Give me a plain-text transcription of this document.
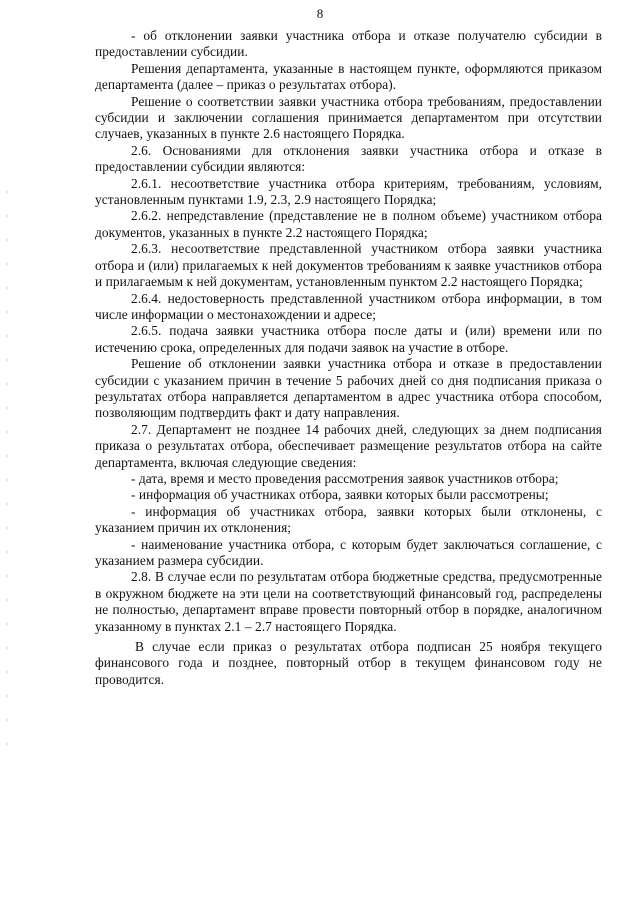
8

- об отклонении заявки участника отбора и отказе получателю субсидии в предоставлении субсидии.

Решения департамента, указанные в настоящем пункте, оформляются приказом департамента (далее – приказ о результатах отбора).

Решение о соответствии заявки участника отбора требованиям, предоставлении субсидии и заключении соглашения принимается департаментом при отсутствии случаев, указанных в пункте 2.6 настоящего Порядка.

2.6. Основаниями для отклонения заявки участника отбора и отказе в предоставлении субсидии являются:

2.6.1. несоответствие участника отбора критериям, требованиям, условиям, установленным пунктами 1.9, 2.3, 2.9 настоящего Порядка;

2.6.2. непредставление (представление не в полном объеме) участником отбора документов, указанных в пункте 2.2 настоящего Порядка;

2.6.3. несоответствие представленной участником отбора заявки участника отбора и (или) прилагаемых к ней документов требованиям к заявке участников отбора и прилагаемым к ней документам, установленным пунктом 2.2 настоящего Порядка;

2.6.4. недостоверность представленной участником отбора информации, в том числе информации о местонахождении и адресе;

2.6.5. подача заявки участника отбора после даты и (или) времени или по истечению срока, определенных для подачи заявок на участие в отборе.

Решение об отклонении заявки участника отбора и отказе в предоставлении субсидии с указанием причин в течение 5 рабочих дней со дня подписания приказа о результатах отбора направляется департаментом в адрес участника отбора способом, позволяющим подтвердить факт и дату направления.

2.7. Департамент не позднее 14 рабочих дней, следующих за днем подписания приказа о результатах отбора, обеспечивает размещение результатов отбора на сайте департамента, включая следующие сведения:

- дата, время и место проведения рассмотрения заявок участников отбора;

- информация об участниках отбора, заявки которых были рассмотрены;

- информация об участниках отбора, заявки которых были отклонены, с указанием причин их отклонения;

- наименование участника отбора, с которым будет заключаться соглашение, с указанием размера субсидии.

2.8. В случае если по результатам отбора бюджетные средства, предусмотренные в окружном бюджете на эти цели на соответствующий финансовый год, распределены не полностью, департамент вправе провести повторный отбор в порядке, аналогичном указанному в пунктах 2.1 – 2.7 настоящего Порядка.

В случае если приказ о результатах отбора подписан 25 ноября текущего финансового года и позднее, повторный отбор в текущем финансовом году не проводится.
